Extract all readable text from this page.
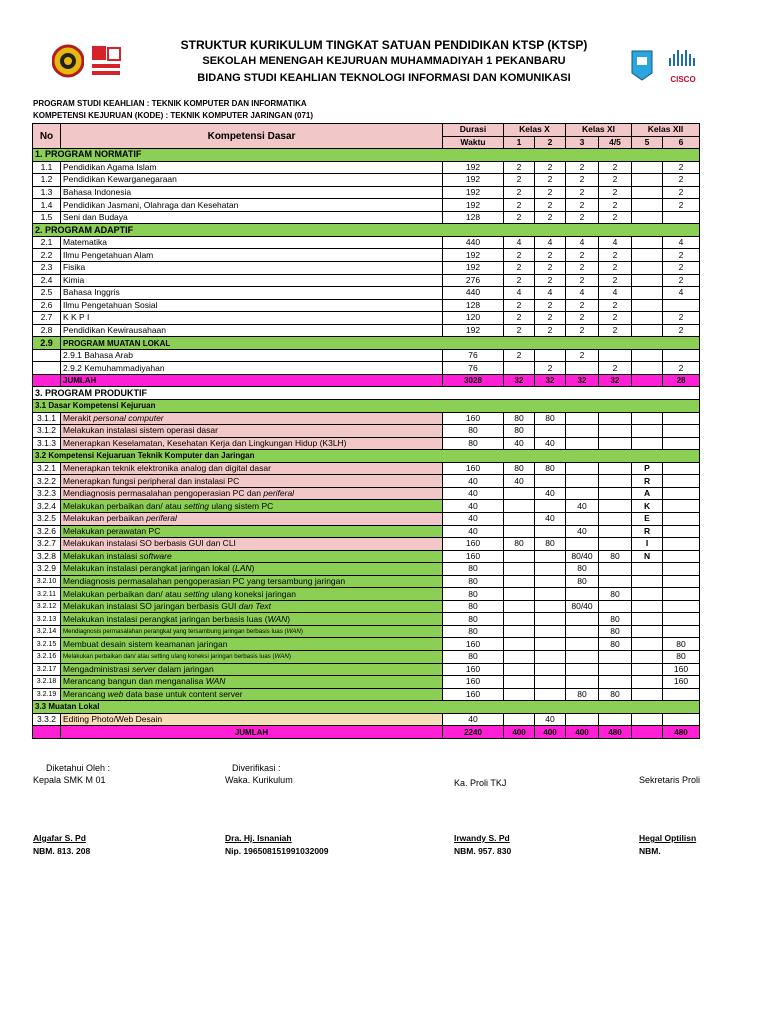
CISCO
STRUKTUR KURIKULUM TINGKAT SATUAN PENDIDIKAN KTSP (KTSP)
SEKOLAH MENENGAH KEJURUAN MUHAMMADIYAH 1 PEKANBARU
BIDANG STUDI KEAHLIAN TEKNOLOGI INFORMASI DAN KOMUNIKASI
PROGRAM STUDI KEAHLIAN : TEKNIK KOMPUTER DAN INFORMATIKA
KOMPETENSI KEJURUAN (KODE) : TEKNIK KOMPUTER JARINGAN (071)
No	Kompetensi Dasar	Durasi	Kelas X		Kelas XI		Kelas XII	
		Waktu	1	2	3	4/5	5	6
1. PROGRAM NORMATIF								
1.1	Pendidikan Agama Islam	192	2	2	2	2		2
1.2	Pendidikan Kewarganegaraan	192	2	2	2	2		2
1.3	Bahasa Indonesia	192	2	2	2	2		2
1.4	Pendidikan Jasmani, Olahraga dan Kesehatan	192	2	2	2	2		2
1.5	Seni dan Budaya	128	2	2	2	2		
2. PROGRAM ADAPTIF								
2.1	Matematika	440	4	4	4	4		4
2.2	Ilmu Pengetahuan Alam	192	2	2	2	2		2
2.3	Fisika	192	2	2	2	2		2
2.4	Kimia	276	2	2	2	2		2
2.5	Bahasa Inggris	440	4	4	4	4		4
2.6	Ilmu Pengetahuan Sosial	128	2	2	2	2		
2.7	K K P I	120	2	2	2	2		2
2.8	Pendidikan Kewirausahaan	192	2	2	2	2		2
2.9	PROGRAM MUATAN LOKAL							
	2.9.1 Bahasa Arab	76	2		2			
	2.9.2 Kemuhammadiyahan	76		2		2		2
	JUMLAH	3028	32	32	32	32		28
3. PROGRAM PRODUKTIF								
3.1 Dasar Kompetensi Kejuruan								
3.1.1	Merakit personal computer	160	80	80				
3.1.2	Melakukan instalasi sistem operasi dasar	80	80					
3.1.3	Menerapkan Keselamatan, Kesehatan Kerja dan Lingkungan Hidup (K3LH)	80	40	40				
3.2 Kompetensi Kejuaruan Teknik Komputer dan Jaringan								
3.2.1	Menerapkan teknik elektronika analog dan digital dasar	160	80	80			P	
3.2.2	Menerapkan fungsi peripheral dan instalasi PC	40	40				R	
3.2.3	Mendiagnosis permasalahan pengoperasian PC dan periferal	40		40			A	
3.2.4	Melakukan perbaikan dan/ atau setting ulang sistem PC	40			40		K	
3.2.5	Melakukan perbaikan periferal	40		40			E	
3.2.6	Melakukan perawatan PC	40			40		R	
3.2.7	Melakukan instalasi SO berbasis GUI dan CLI	160	80	80			I	
3.2.8	Melakukan instalasi software	160			80/40	80	N	
3.2.9	Melakukan instalasi perangkat jaringan lokal (LAN)	80			80			
3.2.10	Mendiagnosis permasalahan pengoperasian PC yang tersambung jaringan	80			80			
3.2.11	Melakukan perbaikan dan/ atau setting ulang koneksi jaringan	80				80		
3.2.12	Melakukan instalasi SO jaringan berbasis GUI dan Text	80			80/40			
3.2.13	Melakukan instalasi perangkat jaringan berbasis luas (WAN)	80				80		
3.2.14	Mendiagnosis permasalahan perangkat yang tersambung jaringan berbasis luas (WAN)	80				80		
3.2.15	Membuat desain sistem keamanan jaringan	160				80		80
3.2.16	Melakukan perbaikan dan/ atau setting ulang koneksi jaringan berbasis luas (WAN)	80						80
3.2.17	Mengadministrasi server dalam jaringan	160						160
3.2.18	Merancang bangun dan menganalisa WAN	160						160
3.2.19	Merancang web data base untuk content server	160			80	80		
3.3 Muatan Lokal								
3.3.2	Editing Photo/Web Desain	40		40				
	JUMLAH	2240	400	400	400	480		480
Diketahui Oleh :
Kepala SMK M 01
Diverifikasi :
Waka. Kurikulum	Ka. Proli TKJ	Sekretaris Proli
Algafar S. Pd
NBM. 813. 208
Dra. Hj. Isnaniah
Nip. 196508151991032009
Irwandy S. Pd
NBM. 957. 830
Hegal Optilisn
NBM.
